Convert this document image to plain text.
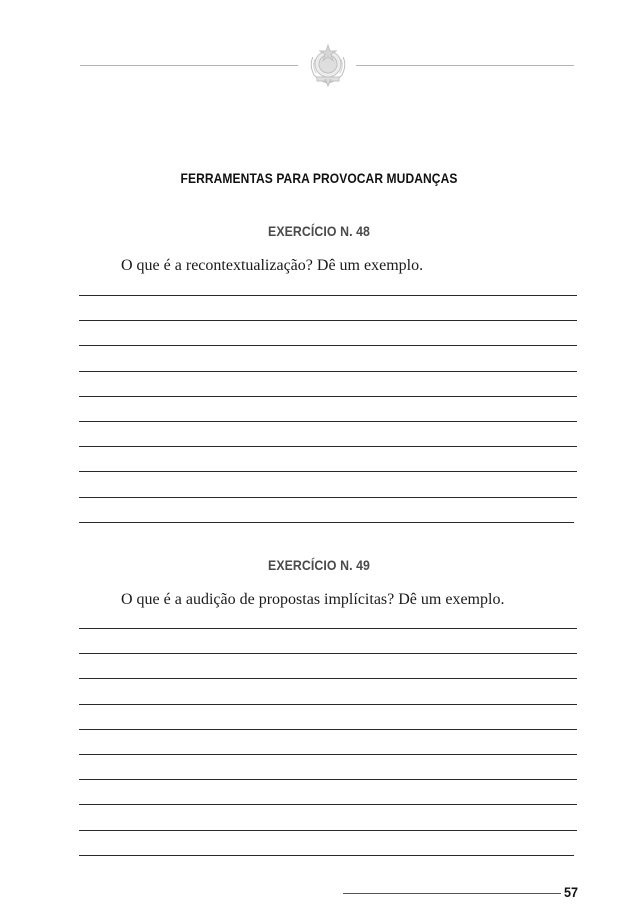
FERRAMENTAS PARA PROVOCAR MUDANÇAS
EXERCÍCIO N. 48
O que é a recontextualização? Dê um exemplo.
EXERCÍCIO N. 49
O que é a audição de propostas implícitas? Dê um exemplo.
57
